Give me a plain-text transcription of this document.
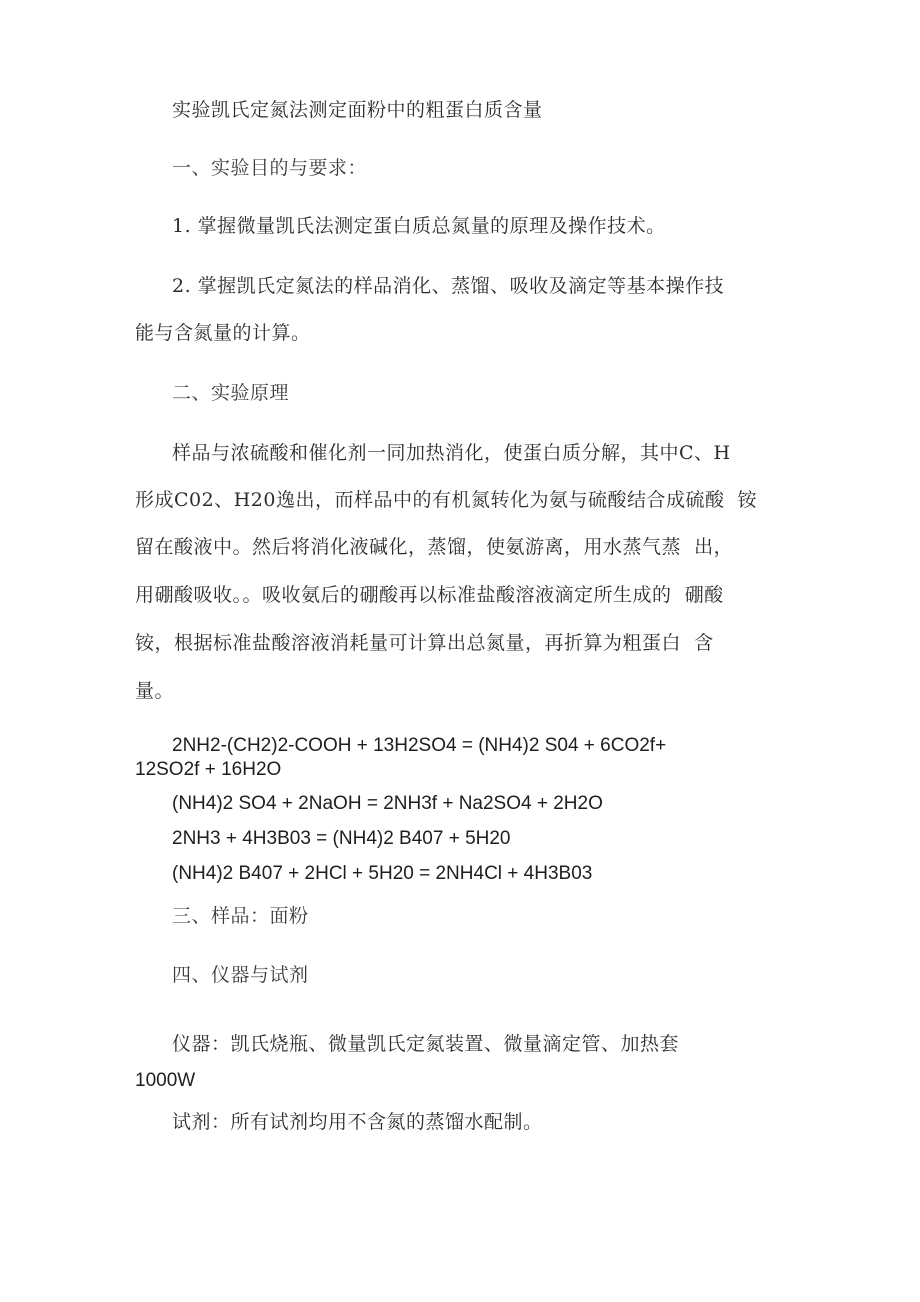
实验凯氏定氮法测定面粉中的粗蛋白质含量
一、实验目的与要求：
1. 掌握微量凯氏法测定蛋白质总氮量的原理及操作技术。
2. 掌握凯氏定氮法的样品消化、蒸馏、吸收及滴定等基本操作技
能与含氮量的计算。
二、实验原理
样品与浓硫酸和催化剂一同加热消化，使蛋白质分解，其中C、H
形成C02、H20逸出，而样品中的有机氮转化为氨与硫酸结合成硫酸  铵
留在酸液中。然后将消化液碱化，蒸馏，使氨游离，用水蒸气蒸  出，
用硼酸吸收。。吸收氨后的硼酸再以标准盐酸溶液滴定所生成的  硼酸
铵，根据标准盐酸溶液消耗量可计算出总氮量，再折算为粗蛋白  含
量。
2NH2-(CH2)2-COOH + 13H2SO4 = (NH4)2 S04 + 6CO2f+
12SO2f + 16H2O
(NH4)2 SO4 + 2NaOH = 2NH3f + Na2SO4 + 2H2O
2NH3 + 4H3B03 = (NH4)2 B407 + 5H20
(NH4)2 B407 + 2HCl + 5H20 = 2NH4Cl + 4H3B03
三、样品：面粉
四、仪器与试剂
仪器：凯氏烧瓶、微量凯氏定氮装置、微量滴定管、加热套
1000W
试剂：所有试剂均用不含氮的蒸馏水配制。
